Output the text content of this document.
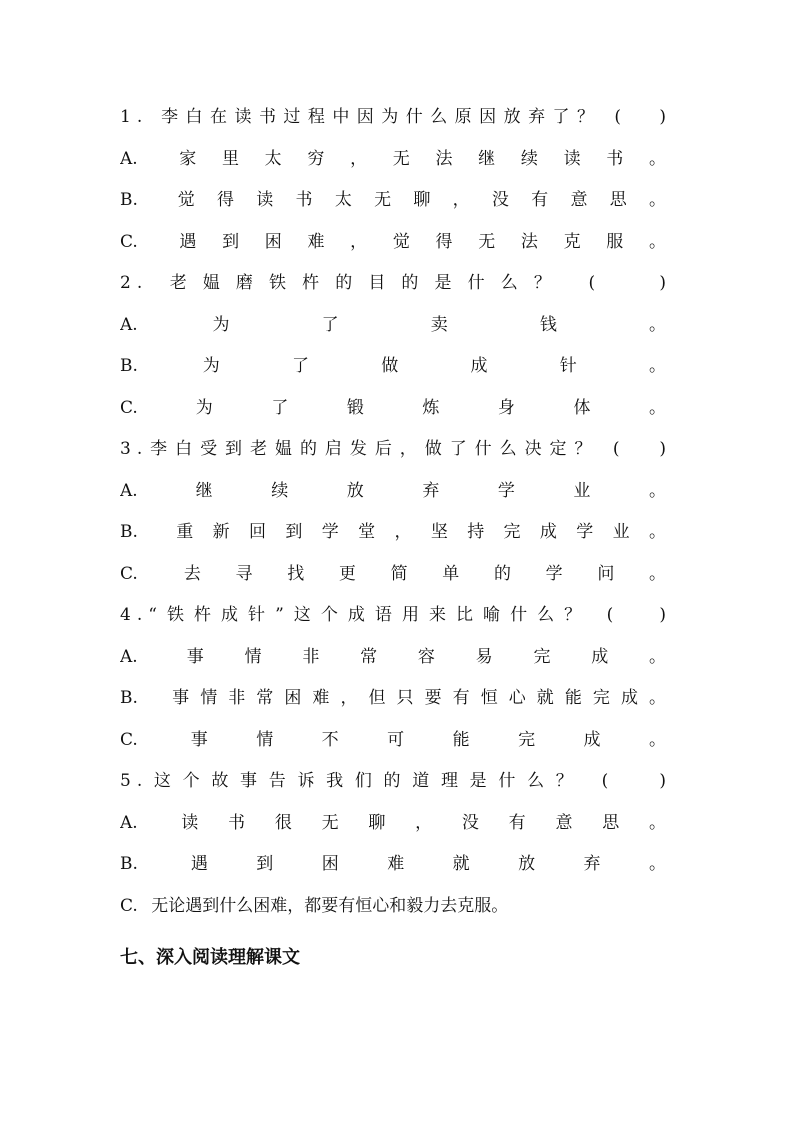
1. 李白在读书过程中因为什么原因放弃了？ (　　)
A. 家 里 太 穷 ， 无 法 继 续 读 书 。
B. 觉 得 读 书 太 无 聊 ， 没 有 意 思 。
C. 遇 到 困 难 ， 觉 得 无 法 克 服 。
2. 老媪磨铁杵的目的是什么？ (　　)
A.	为 了 卖 钱 。
B.	为 了 做 成 针 。
C.	为 了 锻 炼 身 体 。
3.李白受到老媪的启发后，做了什么决定？ (　　)
A.	继 续 放 弃 学 业 。
B. 重 新 回 到 学 堂 ， 坚 持 完 成 学 业 。
C.	去 寻 找 更 简 单 的 学 问 。
4.“铁杵成针”这个成语用来比喻什么？ (　　)
A.	事 情 非 常 容 易 完 成 。
B. 事 情 非 常 困 难 ， 但 只 要 有 恒 心 就 能 完 成 。
C.	事 情 不 可 能 完 成 。
5.这个故事告诉我们的道理是什么？ (　　)
A.	读 书 很 无 聊 ， 没 有 意 思 。
B.	遇 到 困 难 就 放 弃 。
C. 无论遇到什么困难，都要有恒心和毅力去克服。
七、深入阅读理解课文
